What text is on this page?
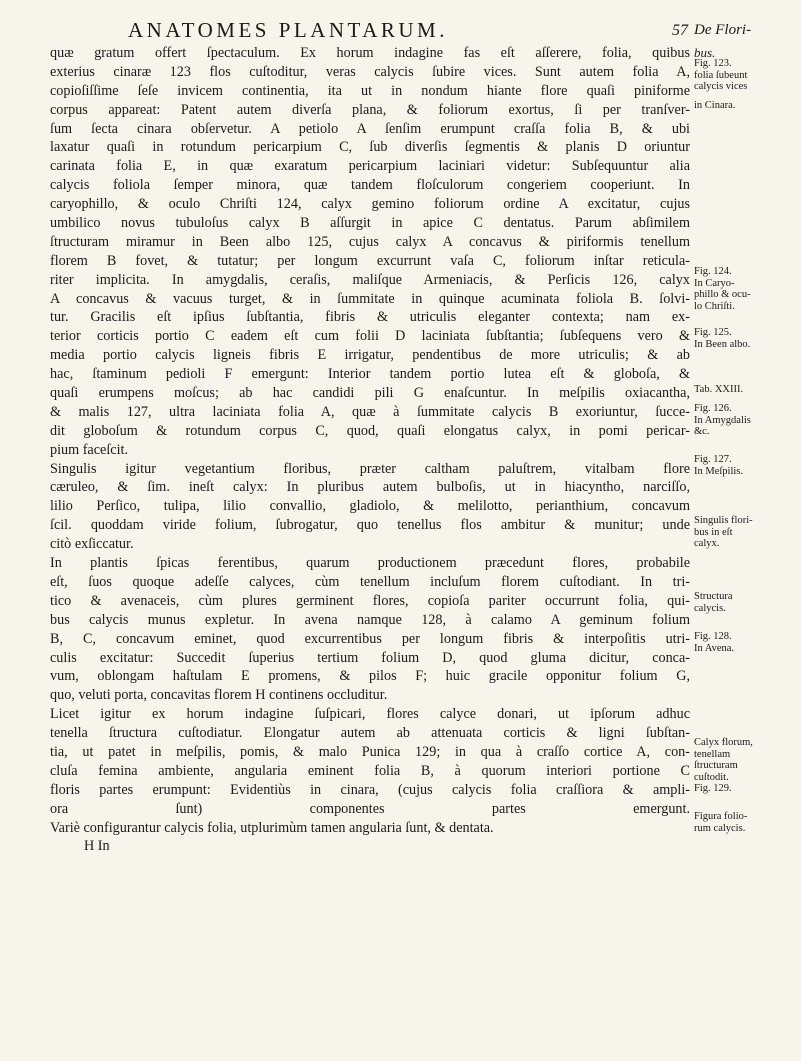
ANATOMES PLANTARUM.	57 De Flori-
bus.
quæ gratum offert ſpectaculum. Ex horum indagine fas eſt aſſerere, folia, quibus
exterius cinaræ 123 flos cuſtoditur, veras calycis ſubire vices. Sunt autem folia A,
copioſiſſime ſeſe invicem continentia, ita ut in nondum hiante flore quaſi piniforme
corpus appareat: Patent autem diverſa plana, & foliorum exortus, ſi per tranſver-
ſum ſecta cinara obſervetur. A petiolo A ſenſim erumpunt craſſa folia B, & ubi
laxatur quaſi in rotundum pericarpium C, ſub diverſis ſegmentis & planis D oriuntur
carinata folia E, in quæ exaratum pericarpium laciniari videtur: Subſequuntur alia
calycis foliola ſemper minora, quæ tandem floſculorum congeriem cooperiunt. In
caryophillo, & oculo Chriſti 124, calyx gemino foliorum ordine A excitatur, cujus
umbilico novus tubuloſus calyx B aſſurgit in apice C dentatus. Parum abſimilem
ſtructuram miramur in Been albo 125, cujus calyx A concavus & piriformis tenellum
florem B fovet, & tutatur; per longum excurrunt vaſa C, foliorum inſtar reticula-
riter implicita. In amygdalis, ceraſis, maliſque Armeniacis, & Perſicis 126, calyx
A concavus & vacuus turget, & in ſummitate in quinque acuminata foliola B. ſolvi-
tur. Gracilis eſt ipſius ſubſtantia, fibris & utriculis eleganter contexta; nam ex-
terior corticis portio C eadem eſt cum folii D laciniata ſubſtantia; ſubſequens vero &
media portio calycis ligneis fibris E irrigatur, pendentibus de more utriculis; & ab
hac, ſtaminum pedioli F emergunt: Interior tandem portio lutea eſt & globoſa, &
quaſi erumpens moſcus; ab hac candidi pili G enaſcuntur. In meſpilis oxiacantha,
& malis 127, ultra laciniata folia A, quæ à ſummitate calycis B exoriuntur, ſucce-
dit globoſum & rotundum corpus C, quod, quaſi elongatus calyx, in pomi pericar-
pium faceſcit.
Singulis igitur vegetantium floribus, præter caltham paluſtrem, vitalbam flore
cæruleo, & ſim. ineſt calyx: In pluribus autem bulboſis, ut in hiacyntho, narciſſo,
lilio Perſico, tulipa, lilio convallio, gladiolo, & melilotto, perianthium, concavum
ſcil. quoddam viride folium, ſubrogatur, quo tenellus flos ambitur & munitur; unde
citò exſiccatur.
In plantis ſpicas ferentibus, quarum productionem præcedunt flores, probabile
eſt, ſuos quoque adeſſe calyces, cùm tenellum incluſum florem cuſtodiant. In tri-
tico & avenaceis, cùm plures germinent flores, copioſa pariter occurrunt folia, qui-
bus calycis munus expletur. In avena namque 128, à calamo A geminum folium
B, C, concavum eminet, quod excurrentibus per longum fibris & interpoſitis utri-
culis excitatur: Succedit ſuperius tertium folium D, quod gluma dicitur, conca-
vum, oblongam haſtulam E promens, & pilos F; huic gracile opponitur folium G,
quo, veluti porta, concavitas florem H continens occluditur.
Licet igitur ex horum indagine ſuſpicari, flores calyce donari, ut ipſorum adhuc
tenella ſtructura cuſtodiatur. Elongatur autem ab attenuata corticis & ligni ſubſtan-
tia, ut patet in meſpilis, pomis, & malo Punica 129; in qua à craſſo cortice A, con-
cluſa femina ambiente, angularia eminent folia B, à quorum interiori portione C
floris partes erumpunt: Evidentiùs in cinara, (cujus calycis folia craſſiora & ampli-
ora ſunt) componentes partes emergunt.
Variè configurantur calycis folia, utplurimùm tamen angularia ſunt, & dentata.
H In
Fig. 123.
folia ſubeunt
calycis vices
in Cinara.
Fig. 124.
In Caryo-
phillo & ocu-
lo Chriſti.
Fig. 125.
In Been albo.
Tab. XXIII.
Fig. 126.
In Amygdalis
&c.
Fig. 127.
In Meſpilis.
Singulis flori-
bus in eſt
calyx.
Structura
calycis.
Fig. 128.
In Avena.
Calyx florum,
tenellam
ſtructuram
cuſtodit.
Fig. 129.
Figura folio-
rum calycis.
